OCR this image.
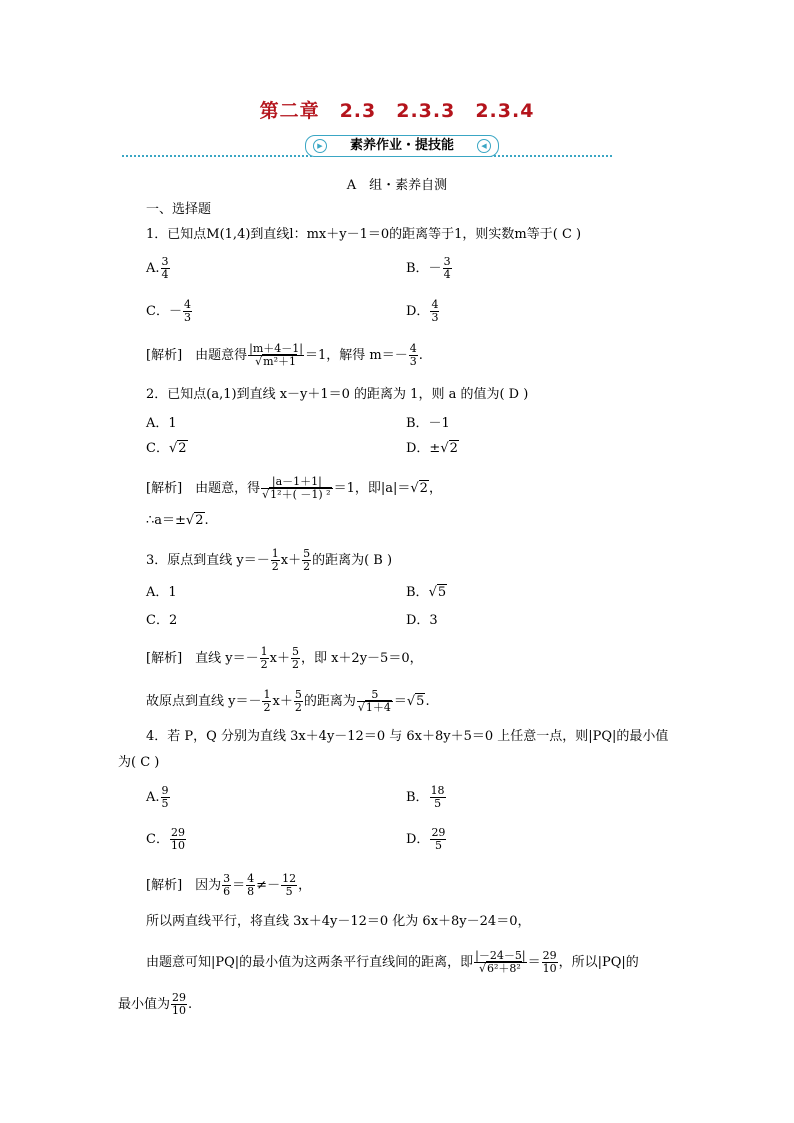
第二章　2.3　2.3.3　2.3.4
▶	素养作业・提技能	◀
A　组・素养自测
一、选择题
1．已知点M(1,4)到直线l：mx＋y－1＝0的距离等于1，则实数m等于( C )
A. $\frac{3}{4}$	B．－ $\frac{3}{4}$
C．－ $\frac{4}{3}$	D． $\frac{4}{3}$
[解析]　由题意得 $\frac{|m+4-1|}{\text{√m²＋1}} =1$，解得 $m=- \frac{4}{3}$ .
2．已知点(a,1)到直线 x－y＋1＝0 的距离为 1，则 a 的值为( D )
A．1	B．－1
C．√2	D．±√2
[解析]　由题意，得 $\frac{|a-1+1|}{\text{√1²＋( －1) ²}} =1$，即|a|＝√2，
∴a＝±√2.
3．原点到直线 $y=- \frac{1}{2} x+ \frac{5}{2}$ 的距离为( B )
A．1	B．√5
C．2	D．3
[解析]　直线 $y=- \frac{1}{2} x+ \frac{5}{2}$ ，即 x＋2y－5＝0，
故原点到直线 $y=- \frac{1}{2} x+ \frac{5}{2}$ 的距离为 $\frac{5}{√1+4} =√5$.
4．若 P，Q 分别为直线 3x＋4y－12＝0 与 6x＋8y＋5＝0 上任意一点，则|PQ|的最小值
为( C )
A. $\frac{9}{5}$	B． $\frac{18}{5}$
C． $\frac{29}{10}$	D． $\frac{29}{5}$
[解析]　因为 $\frac{3}{6} = \frac{4}{8} \ne- \frac{12}{5}$ ，
所以两直线平行，将直线 3x＋4y－12＝0 化为 6x＋8y－24＝0，
由题意可知|PQ|的最小值为这两条平行直线间的距离，即 $\frac{|-24-5|}{\text{√6²＋8²}} = \frac{29}{10}$ ，所以|PQ|的
最小值为 $\frac{29}{10}$ .
